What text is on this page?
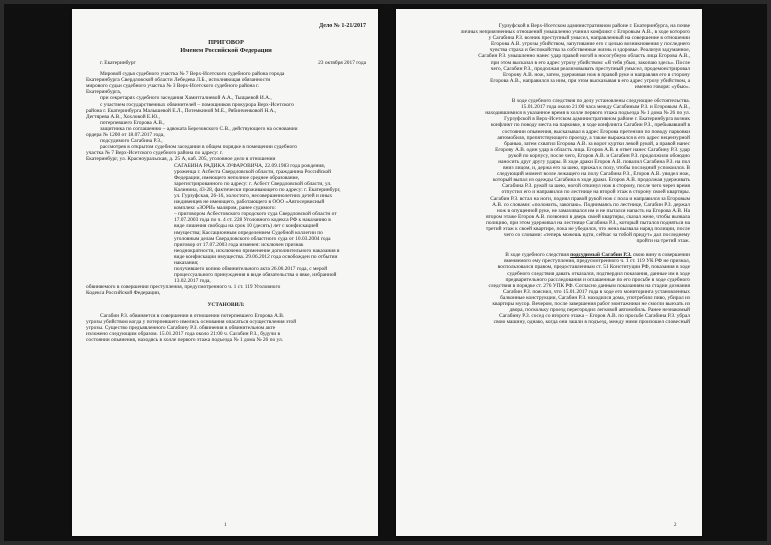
Дело № 1-21/2017
ПРИГОВОР
Именем Российской Федерации
г. Екатеринбург	23 октября 2017 года
Мировой судья судебного участка № 7 Верх-Исетского судебного района города
Екатеринбурга Свердловской области Лебедева Л.Б., исполняющая обязанности
мирового судьи судебного участка № 3 Верх-Исетского судебного района г.
Екатеринбурга,
при секретарях судебного заседания Хамитгалиевой А.А., Тыщаевой И.А.,
с участием государственных обвинителей – помощников прокурора Верх-Исетского
района г. Екатеринбурга Малышевой Е.Л., Потемкиной М.Е., Рябинченковой Н.А.,
Дегтярева А.В., Хохловой Е.Ю.,
потерпевшего Егорова А.В.,
защитника по соглашению – адвоката Березовского С.В., действующего на основании
ордера № 1200 от 18.07.2017 года,
подсудимого Сагабина Р.З.,
рассмотрев в открытом судебном заседании в общем порядке в помещении судебного
участка № 7 Верх-Исетского судебного района по адресу: г.
Екатеринбург, ул. Красноуральская, д. 25 А, каб. 205, уголовное дело в отношении
САГАБИНА РАДИКА ЗУФАРОВИЧА, 22.09.1983 года рождения,
уроженца г. Асбеста Свердловской области, гражданина Российской
Федерации, имеющего неполное среднее образование,
зарегистрированного по адресу: г. Асбест Свердловской области, ул.
Калинина, 43-28, фактически проживающего по адресу: г. Екатеринбург,
ул. Гурзуфская, 26-16, холостого, несовершеннолетних детей и иных
иждивенцев не имеющего, работающего в ООО «Автосервисный
комплекс «ЗОРИ» маляром, ранее судимого:
– приговором Асбестовского городского суда Свердловской области от
17.07.2003 года по ч. 4 ст. 228 Уголовного кодекса РФ к наказанию в
виде лишения свободы на срок 10 (десять) лет с конфискацией
имущества; Кассационным определением Судебной коллегии по
уголовным делам Свердловского областного суда от 10.03.2004 года
приговор от 17.07.2003 года изменен: исключен признак
неоднократности, исключено применение дополнительного наказания в
виде конфискации имущества. 29.06.2012 года освобожден по отбытии
наказания;
получившего копию обвинительного акта 26.06.2017 года, с мерой
процессуального принуждения в виде обязательства о явке, избранной
13.02.2017 года,
обвиняемого в совершении преступления, предусмотренного ч. 1 ст. 119 Уголовного
Кодекса Российской Федерации,
УСТАНОВИЛ:
Сагабин Р.З. обвиняется в совершении в отношении потерпевшего Егорова А.В.
угрозы убийством когда у потерпевшего имелись основания опасаться осуществления этой
угрозы. Существо предъявленного Сагабину Р.З. обвинения в обвинительном акте
изложено следующим образом. 15.01.2017 года около 21:00 ч. Сагабин Р.З., будучи в
состоянии опьянения, находясь в холле первого этажа подъезда № 1 дома № 26 по ул.
1
Гурзуфской в Верх-Исетском административном районе г. Екатеринбурга, на почве
личных неприязненных отношений умышленно учинил конфликт с Егоровым А.В., в ходе которого
у Сагабина Р.З. возник преступный умысел, направленный на совершение в отношении
Егорова А.В. угрозы убийством, запугивание его с целью возникновения у последнего
чувства страха и беспокойства за собственные жизнь и здоровье. Реализуя задуманное,
Сагабин Р.З. умышленно нанес удар правой ногой в носогубную область лица Егорова А.В.,
при этом высказал в его адрес угрозу убийством: «Я тебя убью, закопаю здесь». После
чего, Сагабин Р.З., продолжая реализовывать преступный умысел, продемонстрировал
Егорову А.В. нож, затем, удерживая нож в правой руке и направляя его в сторону
Егорова А.В., направился за ним, при этом высказывая в его адрес угрозу убийством, а
именно говоря: «убью».
В ходе судебного следствия по делу установлены следующие обстоятельства.
15.01.2017 года около 21:00 часа между Сагабиным Р.З. и Егоровым А.В.,
находившимися в указанное время в холле первого этажа подъезда № 1 дома № 26 по ул.
Гурзуфской в Верх-Исетском административном районе г. Екатеринбурга возник
конфликт по поводу места на парковке, в ходе конфликта Сагабин Р.З., пребывавший в
состоянии опьянения, высказывал в адрес Егорова претензии по поводу парковки
автомобиля, препятствующего проезду, а также выражался в его адрес нецензурной
бранью, затем схватил Егорова А.В. за ворот куртки левой рукой, а правой нанес
Егорову А.В. один удар в область лица. Егоров А.В. в ответ нанес Сагабину Р.З. удар
рукой по корпусу, после чего, Егоров А.В. и Сагабин Р.З. продолжили обоюдно
наносить друг другу удары. В ходе драки Егоров А.В. повалил Сагабина Р.З. на пол
вниз лицом, и, держа его за шею, прижал к полу, чтобы последний успокоился. В
следующий момент возле лежащего на полу Сагабина Р.З., Егоров А.В. увидел нож,
который выпал из одежды Сагабина в ходе драки. Егоров А.В. продолжая удерживать
Сагабина Р.З. рукой за шею, ногой откинул нож в сторону, после чего через время
отпустил его и направился по лестнице на второй этаж в сторону своей квартиры.
Сагабин Р.З. встал на ноги, поднял правой рукой нож с пола и направился за Егоровым
А.В. со словами: «положить, закопаю». Поднимаясь по лестнице, Сагабин Р.З. держал
нож в опущенной руке, не замахивался им и не пытался напасть на Егорова А.В. На
втором этаже Егоров А.В. позвонил в дверь своей квартиры, сказал жене, чтобы вызвала
полицию, при этом удерживал на лестнице Сагабина Р.З., который пытался подняться на
третий этаж к своей квартире, пока не убедился, что жена вызвала наряд полиции, после
чего со словами: «теперь можешь идти, сейчас за тобой придут» дал последнему
пройти на третий этаж.
В ходе судебного следствия подсудимый Сагабин Р.З. свою вину в совершении
вменяемого ему преступления, предусмотренного ч. 1 ст. 119 УК РФ не признал,
воспользовался правом, предоставленным ст. 51 Конституции РФ, показания в ходе
судебного следствия давать отказался, подтвердил показания, данные им в ходе
предварительного расследования и оглашенные по его просьбе в ходе судебного
следствия в порядке ст. 276 УПК РФ. Согласно данным показаниям на стадии дознания
Сагабин Р.З. пояснил, что 15.01.2017 года в ходе его мониторинга установленных
балконные конструкции, Сагабин Р.З. находился дома, употреблял пиво, убирал из
квартиры мусор. Вечером, после завершения работ монтажники не смогли выехать из
двора, поскольку проезд перегородил легковой автомобиль. Ранее незнакомый
Сагабину Р.З. сосед со второго этажа – Егоров А.В. по просьбе Сагабина Р.З. убрал
свою машину, однако, когда они зашли в подъезд, между ними произошел словесный
2
